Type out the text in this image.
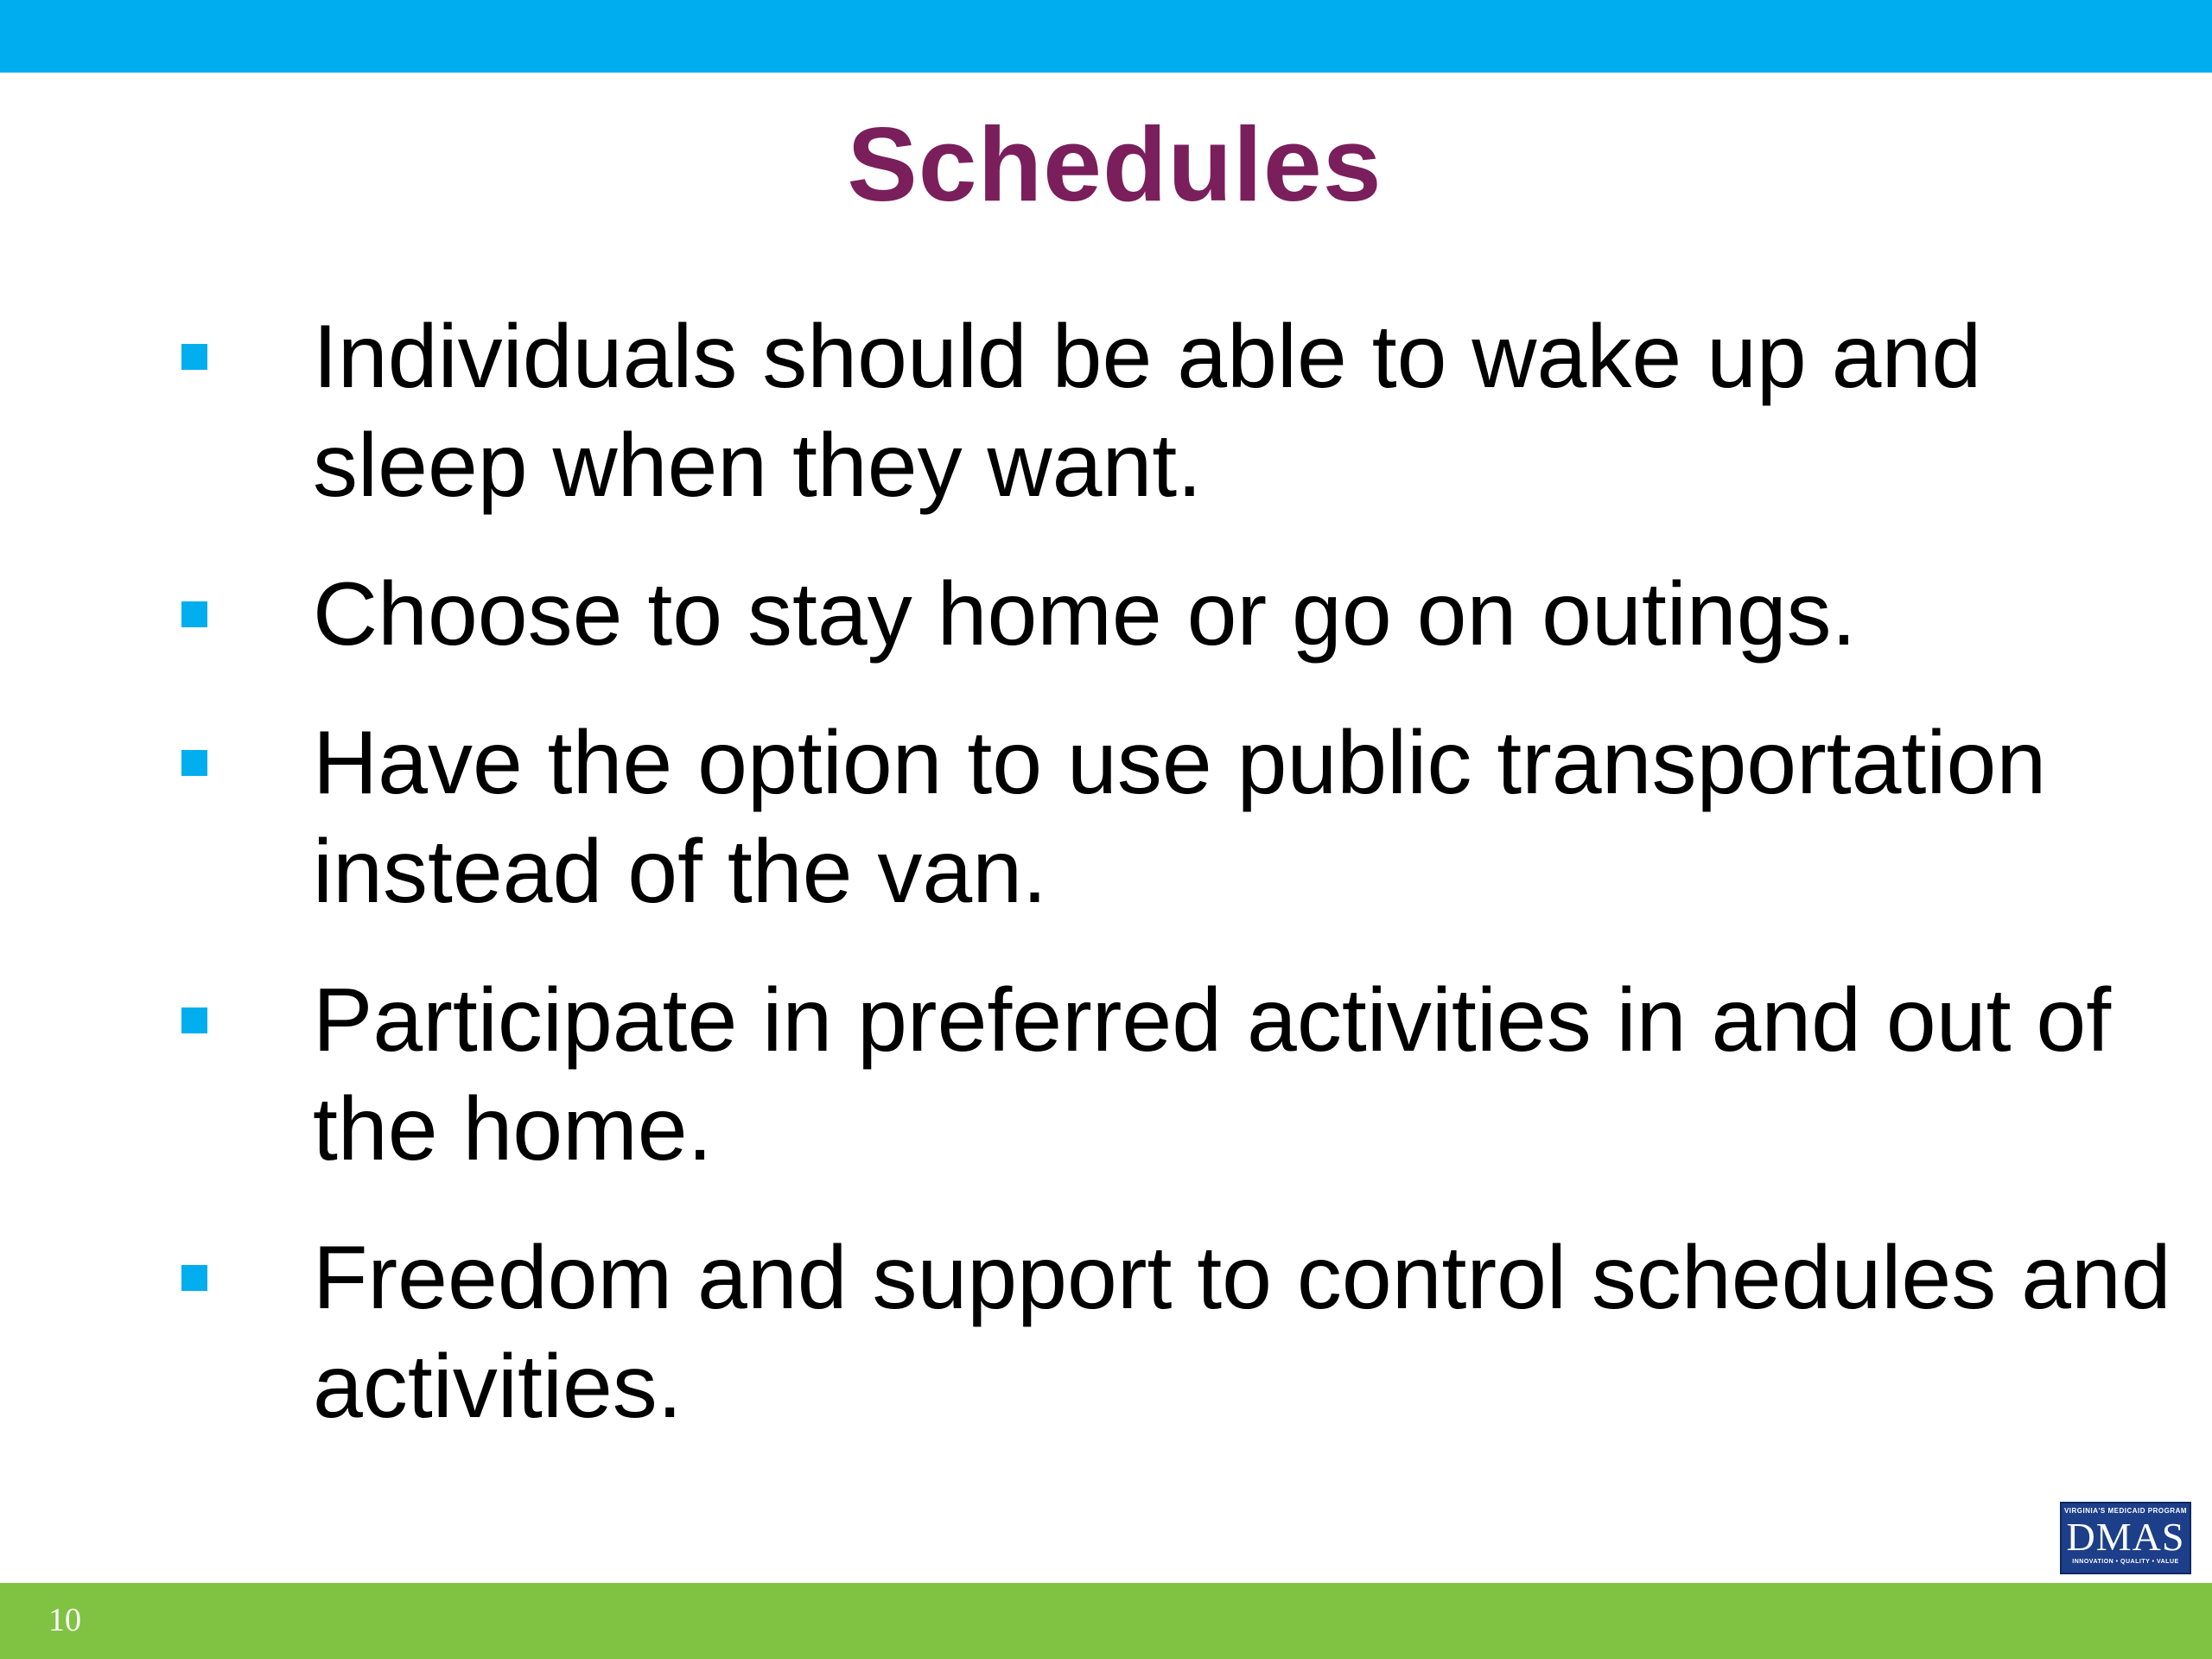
Schedules
Individuals should be able to wake up and sleep when they want.
Choose to stay home or go on outings.
Have the option to use public transportation instead of the van.
Participate in preferred activities in and out of the home.
Freedom and support to control schedules and activities.
VIRGINIA'S MEDICAID PROGRAM
DMAS
INNOVATION • QUALITY • VALUE
10
